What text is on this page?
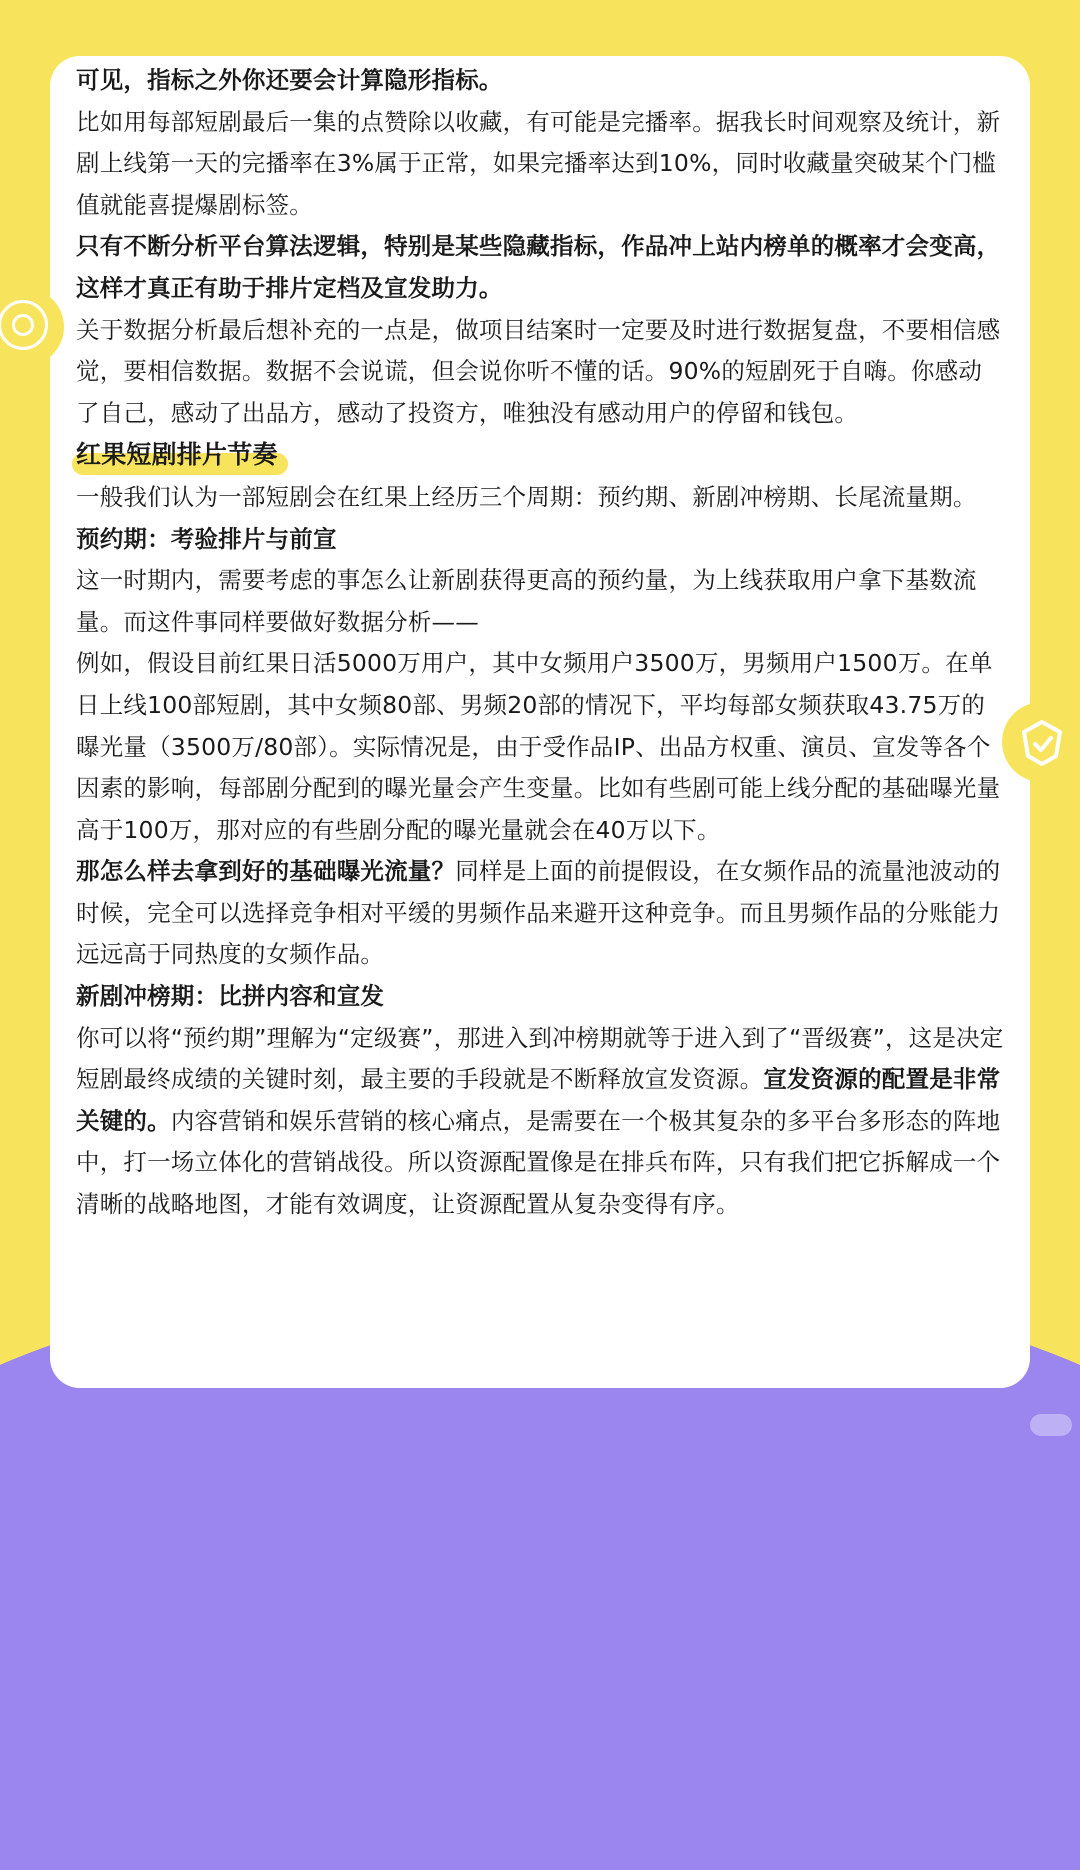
可见，指标之外你还要会计算隐形指标。

比如用每部短剧最后一集的点赞除以收藏，有可能是完播率。据我长时间观察及统计，新剧上线第一天的完播率在3%属于正常，如果完播率达到10%，同时收藏量突破某个门槛值就能喜提爆剧标签。

只有不断分析平台算法逻辑，特别是某些隐藏指标，作品冲上站内榜单的概率才会变高，这样才真正有助于排片定档及宣发助力。

关于数据分析最后想补充的一点是，做项目结案时一定要及时进行数据复盘，不要相信感觉，要相信数据。数据不会说谎，但会说你听不懂的话。90%的短剧死于自嗨。你感动了自己，感动了出品方，感动了投资方，唯独没有感动用户的停留和钱包。

红果短剧排片节奏

一般我们认为一部短剧会在红果上经历三个周期：预约期、新剧冲榜期、长尾流量期。

预约期：考验排片与前宣

这一时期内，需要考虑的事怎么让新剧获得更高的预约量，为上线获取用户拿下基数流量。而这件事同样要做好数据分析——

例如，假设目前红果日活5000万用户，其中女频用户3500万，男频用户1500万。在单日上线100部短剧，其中女频80部、男频20部的情况下，平均每部女频获取43.75万的曝光量（3500万/80部）。实际情况是，由于受作品IP、出品方权重、演员、宣发等各个因素的影响，每部剧分配到的曝光量会产生变量。比如有些剧可能上线分配的基础曝光量高于100万，那对应的有些剧分配的曝光量就会在40万以下。

那怎么样去拿到好的基础曝光流量？同样是上面的前提假设，在女频作品的流量池波动的时候，完全可以选择竞争相对平缓的男频作品来避开这种竞争。而且男频作品的分账能力远远高于同热度的女频作品。

新剧冲榜期：比拼内容和宣发

你可以将“预约期”理解为“定级赛”，那进入到冲榜期就等于进入到了“晋级赛”，这是决定短剧最终成绩的关键时刻，最主要的手段就是不断释放宣发资源。宣发资源的配置是非常关键的。内容营销和娱乐营销的核心痛点，是需要在一个极其复杂的多平台多形态的阵地中，打一场立体化的营销战役。所以资源配置像是在排兵布阵，只有我们把它拆解成一个清晰的战略地图，才能有效调度，让资源配置从复杂变得有序。
